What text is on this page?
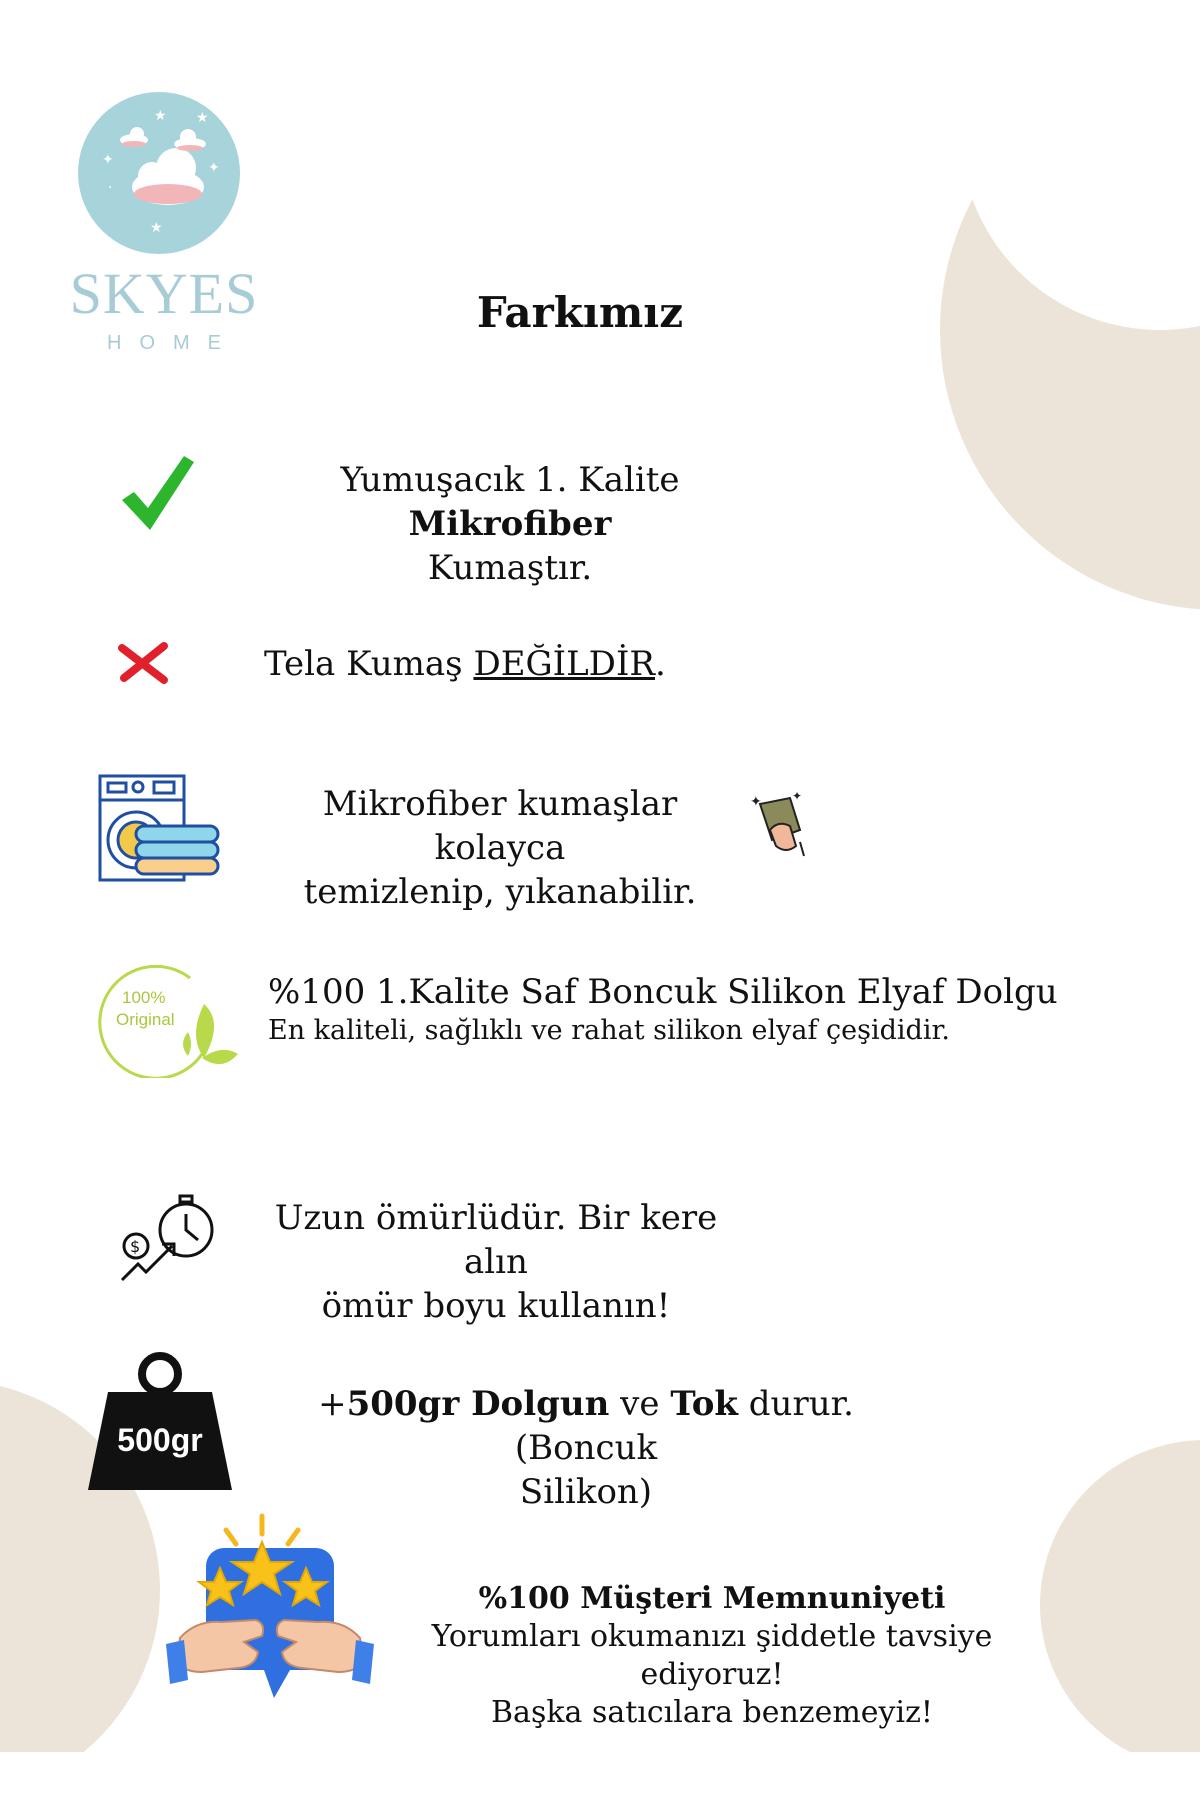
★ ★
✦	✦
★
·
SKYES
HOME
Farkımız
Yumuşacık 1. Kalite Mikrofiber
Kumaştır.
Tela Kumaş DEĞİLDİR.
Mikrofiber kumaşlar kolayca
temizlenip, yıkanabilir.
✦	✦
100%
Original
%100 1.Kalite Saf Boncuk Silikon Elyaf Dolgu
En kaliteli, sağlıklı ve rahat silikon elyaf çeşididir.
$
Uzun ömürlüdür. Bir kere alın
ömür boyu kullanın!
500gr
+500gr Dolgun ve Tok durur. (Boncuk
Silikon)
%100 Müşteri Memnuniyeti
Yorumları okumanızı şiddetle tavsiye ediyoruz!
Başka satıcılara benzemeyiz!
